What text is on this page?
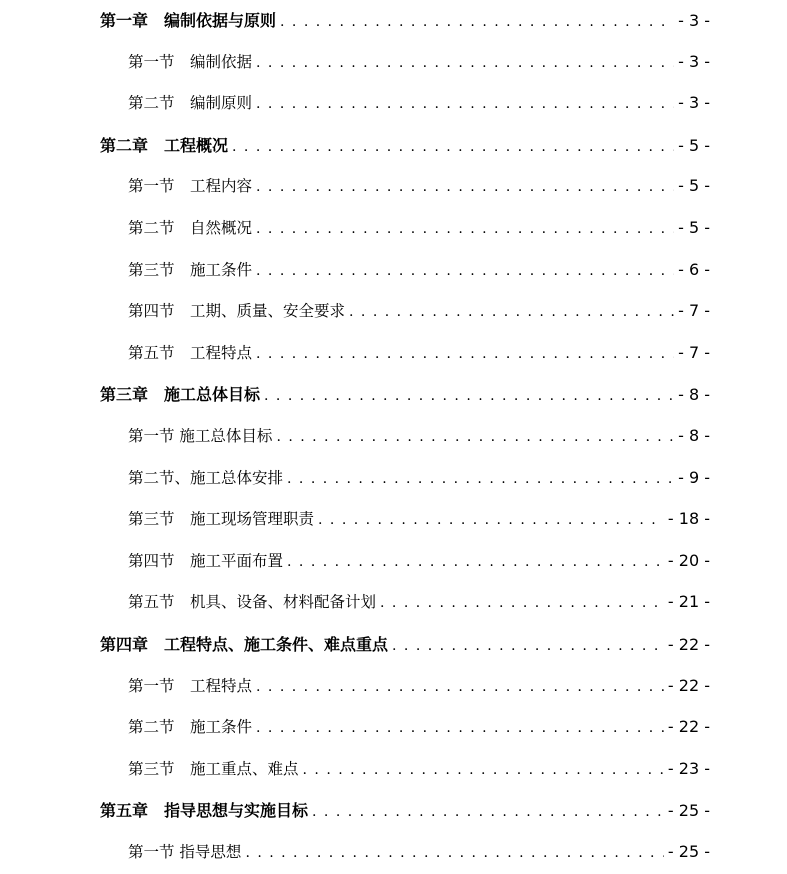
第一章　编制依据与原则 . . .	- 3 -
第一节　编制依据 . . .	- 3 -
第二节　编制原则 . . .	- 3 -
第二章　工程概况 . . .	- 5 -
第一节　工程内容 . . .	- 5 -
第二节　自然概况 . . .	- 5 -
第三节　施工条件 . . .	- 6 -
第四节　工期、质量、安全要求 . . .	- 7 -
第五节　工程特点 . . .	- 7 -
第三章　施工总体目标 . . .	- 8 -
第一节 施工总体目标 . . .	- 8 -
第二节、施工总体安排 . . .	- 9 -
第三节　施工现场管理职责 . . .	- 18 -
第四节　施工平面布置 . . .	- 20 -
第五节　机具、设备、材料配备计划 . . .	- 21 -
第四章　工程特点、施工条件、难点重点 . . .	- 22 -
第一节　工程特点 . . .	- 22 -
第二节　施工条件 . . .	- 22 -
第三节　施工重点、难点 . . .	- 23 -
第五章　指导思想与实施目标 . . .	- 25 -
第一节 指导思想 . . .	- 25 -
